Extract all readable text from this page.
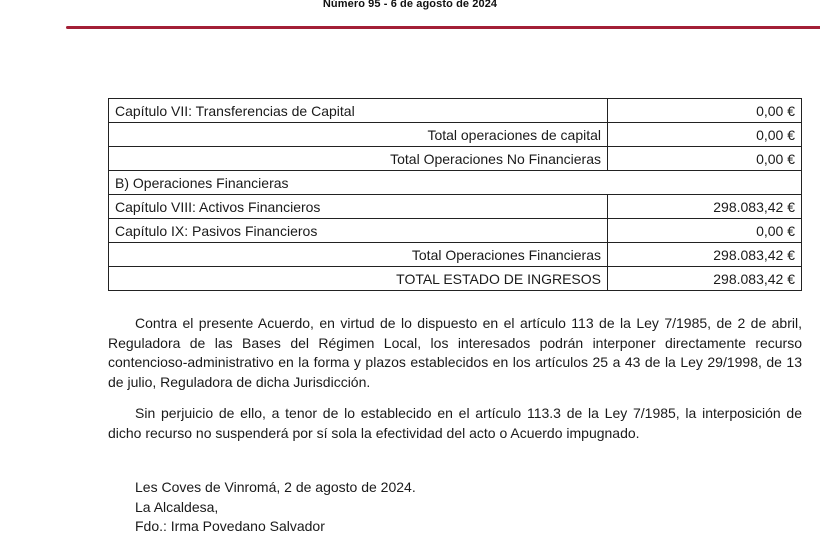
Número 95 - 6 de agosto de 2024
Capítulo VII: Transferencias de Capital	0,00 €
Total operaciones de capital	0,00 €
Total Operaciones No Financieras	0,00 €
B) Operaciones Financieras	
Capítulo VIII: Activos Financieros	298.083,42 €
Capítulo IX: Pasivos Financieros	0,00 €
Total Operaciones Financieras	298.083,42 €
TOTAL ESTADO DE INGRESOS	298.083,42 €

Contra el presente Acuerdo, en virtud de lo dispuesto en el artículo 113 de la Ley 7/1985, de 2 de abril, Reguladora de las Bases del Régimen Local, los interesados podrán interponer directamente recurso contencioso-administrativo en la forma y plazos establecidos en los artículos 25 a 43 de la Ley 29/1998, de 13 de julio, Reguladora de dicha Jurisdicción.

Sin perjuicio de ello, a tenor de lo establecido en el artículo 113.3 de la Ley 7/1985, la interposición de dicho recurso no suspenderá por sí sola la efectividad del acto o Acuerdo impugnado.

Les Coves de Vinromá, 2 de agosto de 2024.
La Alcaldesa,
Fdo.: Irma Povedano Salvador
